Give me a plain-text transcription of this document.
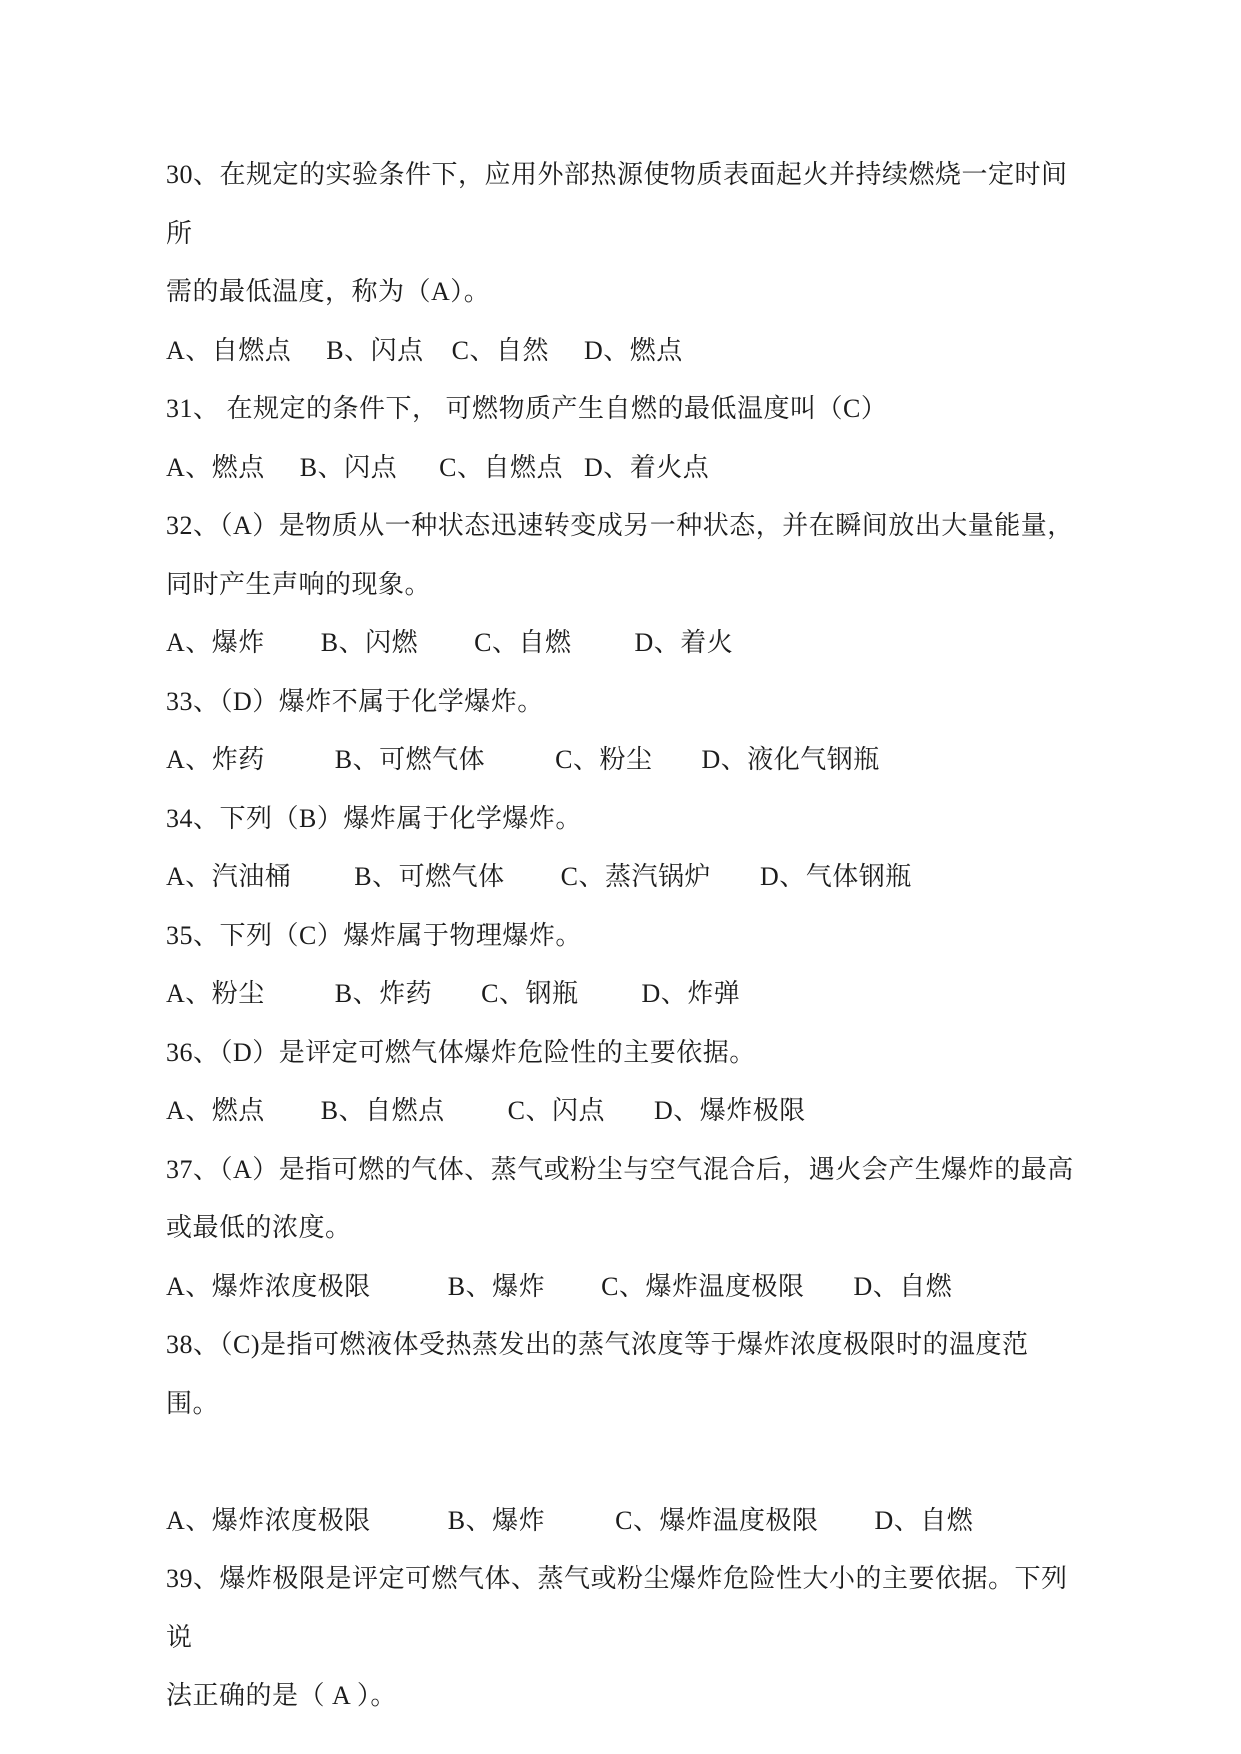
30、在规定的实验条件下，应用外部热源使物质表面起火并持续燃烧一定时间所

需的最低温度，称为（A）。

A、自燃点     B、闪点    C、自然     D、燃点

31、 在规定的条件下， 可燃物质产生自燃的最低温度叫（C）

A、燃点     B、闪点      C、自燃点   D、着火点

32、（A）是物质从一种状态迅速转变成另一种状态，并在瞬间放出大量能量，

同时产生声响的现象。

A、爆炸        B、闪燃        C、自燃         D、着火

33、（D）爆炸不属于化学爆炸。

A、炸药          B、可燃气体          C、粉尘       D、液化气钢瓶

34、下列（B）爆炸属于化学爆炸。

A、汽油桶         B、可燃气体        C、蒸汽锅炉       D、气体钢瓶

35、下列（C）爆炸属于物理爆炸。

A、粉尘          B、炸药       C、钢瓶         D、炸弹

36、（D）是评定可燃气体爆炸危险性的主要依据。

A、燃点        B、自燃点         C、闪点       D、爆炸极限

37、（A）是指可燃的气体、蒸气或粉尘与空气混合后，遇火会产生爆炸的最高

或最低的浓度。

A、爆炸浓度极限           B、爆炸        C、爆炸温度极限       D、自燃

38、（C)是指可燃液体受热蒸发出的蒸气浓度等于爆炸浓度极限时的温度范围。

A、爆炸浓度极限           B、爆炸          C、爆炸温度极限        D、自燃

39、爆炸极限是评定可燃气体、蒸气或粉尘爆炸危险性大小的主要依据。下列说

法正确的是（ A ）。
